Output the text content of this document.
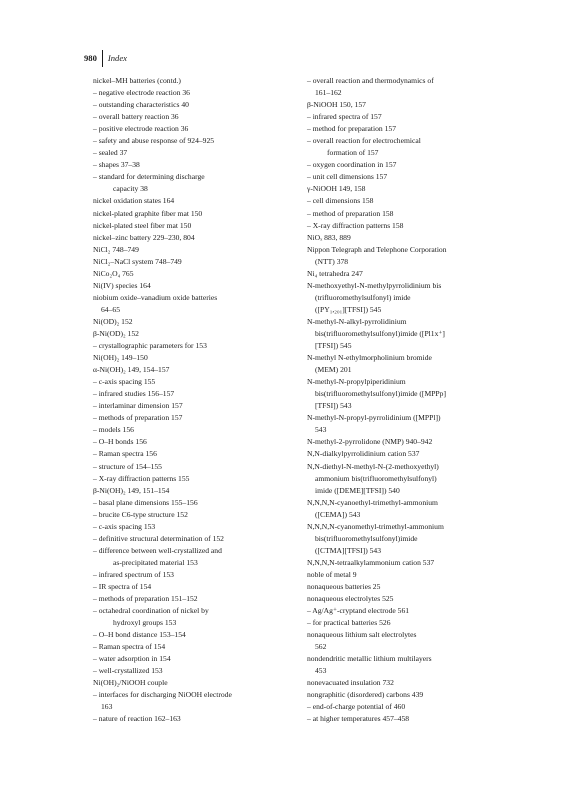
980	Index
nickel–MH batteries (contd.)
– negative electrode reaction 36
– outstanding characteristics 40
– overall battery reaction 36
– positive electrode reaction 36
– safety and abuse response of 924–925
– sealed 37
– shapes 37–38
– standard for determining discharge
capacity 38
nickel oxidation states 164
nickel-plated graphite fiber mat 150
nickel-plated steel fiber mat 150
nickel–zinc battery 229–230, 804
NiCl₂ 748–749
NiCl₂–NaCl system 748–749
NiCo₂O₄ 765
Ni(IV) species 164
niobium oxide–vanadium oxide batteries
64–65
Ni(OD)₂ 152
β-Ni(OD)₂ 152
– crystallographic parameters for 153
Ni(OH)₂ 149–150
α-Ni(OH)₂ 149, 154–157
– c-axis spacing 155
– infrared studies 156–157
– interlaminar dimension 157
– methods of preparation 157
– models 156
– O–H bonds 156
– Raman spectra 156
– structure of 154–155
– X-ray diffraction patterns 155
β-Ni(OH)₂ 149, 151–154
– basal plane dimensions 155–156
– brucite C6-type structure 152
– c-axis spacing 153
– definitive structural determination of 152
– difference between well-crystallized and
as-precipitated material 153
– infrared spectrum of 153
– IR spectra of 154
– methods of preparation 151–152
– octahedral coordination of nickel by
hydroxyl groups 153
– O–H bond distance 153–154
– Raman spectra of 154
– water adsorption in 154
– well-crystallized 153
Ni(OH)₂/NiOOH couple
– interfaces for discharging NiOOH electrode
163
– nature of reaction 162–163
– overall reaction and thermodynamics of
161–162
β-NiOOH 150, 157
– infrared spectra of 157
– method for preparation 157
– overall reaction for electrochemical
formation of 157
– oxygen coordination in 157
– unit cell dimensions 157
γ-NiOOH 149, 158
– cell dimensions 158
– method of preparation 158
– X-ray diffraction patterns 158
NiOₓ 883, 889
Nippon Telegraph and Telephone Corporation
(NTT) 378
Ni₄ tetrahedra 247
N-methoxyethyl-N-methylpyrrolidinium bis
(trifluoromethylsulfonyl) imide
([PY₁,₂₀₁][TFSI]) 545
N-methyl-N-alkyl-pyrrolidinium
bis(trifluoromethylsulfonyl)imide ([Pl1x⁺]
[TFSI]) 545
N-methyl N-ethylmorpholinium bromide
(MEM) 201
N-methyl-N-propylpiperidinium
bis(trifluoromethylsulfonyl)imide ([MPPp]
[TFSI]) 543
N-methyl-N-propyl-pyrrolidinium ([MPPl])
543
N-methyl-2-pyrrolidone (NMP) 940–942
N,N-dialkylpyrrolidinium cation 537
N,N-diethyl-N-methyl-N-(2-methoxyethyl)
ammonium bis(trifluoromethylsulfonyl)
imide ([DEME][TFSI]) 540
N,N,N,N-cyanoethyl-trimethyl-ammonium
([CEMA]) 543
N,N,N,N-cyanomethyl-trimethyl-ammonium
bis(trifluoromethylsulfonyl)imide
([CTMA][TFSI]) 543
N,N,N,N-tetraalkylammonium cation 537
noble of metal 9
nonaqueous batteries 25
nonaqueous electrolytes 525
– Ag/Ag⁺-cryptand electrode 561
– for practical batteries 526
nonaqueous lithium salt electrolytes
562
nondendritic metallic lithium multilayers
453
nonevacuated insulation 732
nongraphitic (disordered) carbons 439
– end-of-charge potential of 460
– at higher temperatures 457–458
